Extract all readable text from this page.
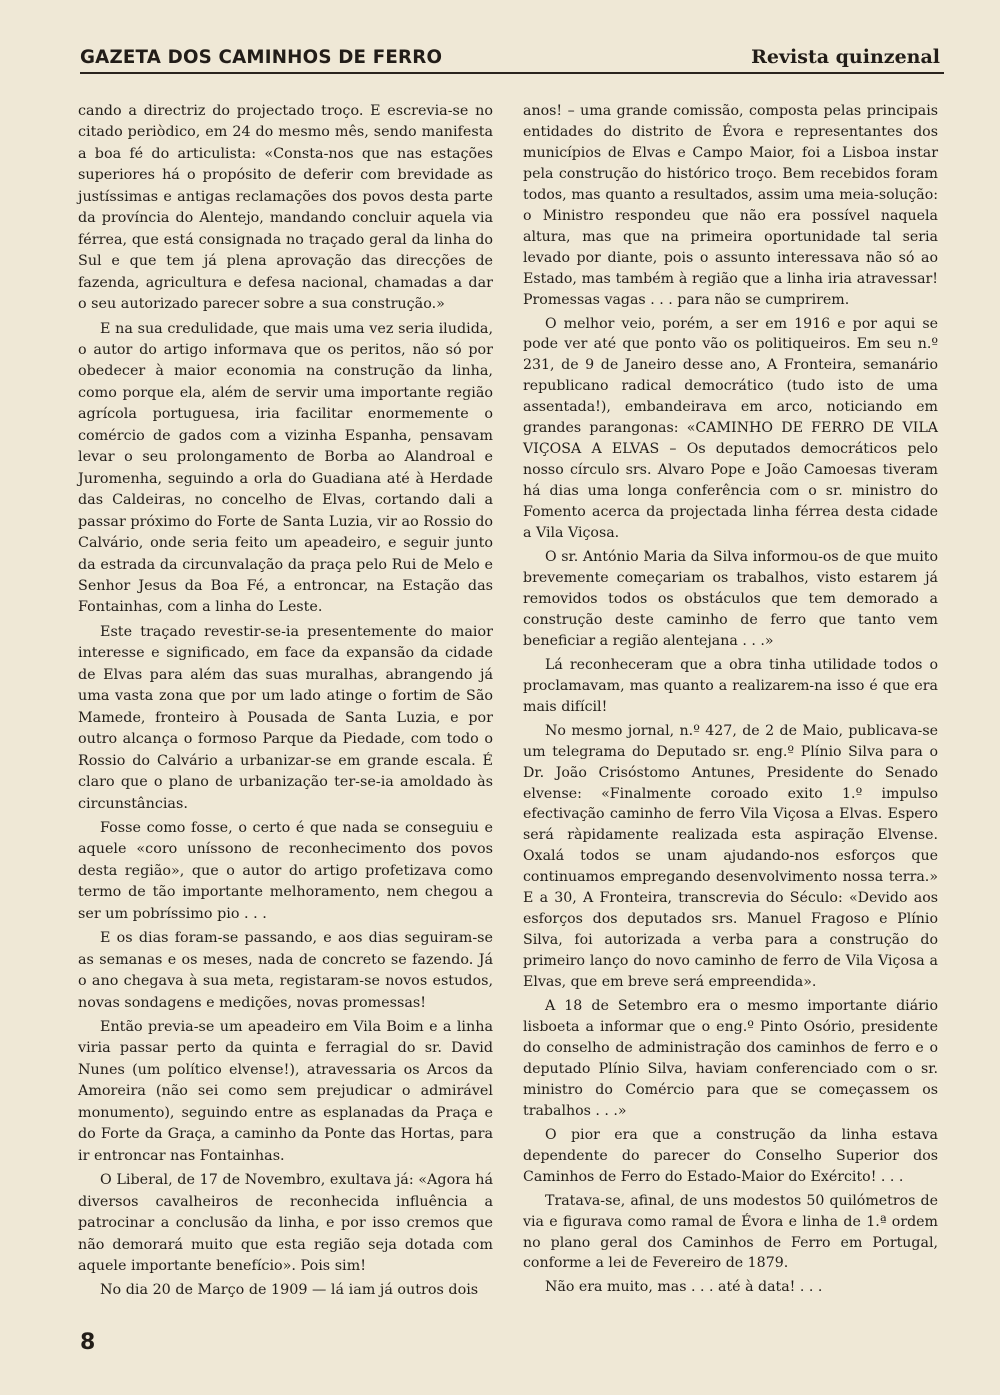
GAZETA DOS CAMINHOS DE FERRO	Revista quinzenal

cando a directriz do projectado troço. E escrevia-se no citado periòdico, em 24 do mesmo mês, sendo manifesta a boa fé do articulista: «Consta-nos que nas estações superiores há o propósito de deferir com brevidade as justíssimas e antigas reclamações dos povos desta parte da província do Alentejo, mandando concluir aquela via férrea, que está consignada no traçado geral da linha do Sul e que tem já plena aprovação das direcções de fazenda, agricultura e defesa nacional, chamadas a dar o seu autorizado parecer sobre a sua construção.»

E na sua credulidade, que mais uma vez seria iludida, o autor do artigo informava que os peritos, não só por obedecer à maior economia na construção da linha, como porque ela, além de servir uma importante região agrícola portuguesa, iria facilitar enormemente o comércio de gados com a vizinha Espanha, pensavam levar o seu prolongamento de Borba ao Alandroal e Juromenha, seguindo a orla do Guadiana até à Herdade das Caldeiras, no concelho de Elvas, cortando dali a passar próximo do Forte de Santa Luzia, vir ao Rossio do Calvário, onde seria feito um apeadeiro, e seguir junto da estrada da circunvalação da praça pelo Rui de Melo e Senhor Jesus da Boa Fé, a entroncar, na Estação das Fontainhas, com a linha do Leste.

Este traçado revestir-se-ia presentemente do maior interesse e significado, em face da expansão da cidade de Elvas para além das suas muralhas, abrangendo já uma vasta zona que por um lado atinge o fortim de São Mamede, fronteiro à Pousada de Santa Luzia, e por outro alcança o formoso Parque da Piedade, com todo o Rossio do Calvário a urbanizar-se em grande escala. É claro que o plano de urbanização ter-se-ia amoldado às circunstâncias.

Fosse como fosse, o certo é que nada se conseguiu e aquele «coro uníssono de reconhecimento dos povos desta região», que o autor do artigo profetizava como termo de tão importante melhoramento, nem chegou a ser um pobríssimo pio . . .

E os dias foram-se passando, e aos dias seguiram-se as semanas e os meses, nada de concreto se fazendo. Já o ano chegava à sua meta, registaram-se novos estudos, novas sondagens e medições, novas promessas!

Então previa-se um apeadeiro em Vila Boim e a linha viria passar perto da quinta e ferragial do sr. David Nunes (um político elvense!), atravessaria os Arcos da Amoreira (não sei como sem prejudicar o admirável monumento), seguindo entre as esplanadas da Praça e do Forte da Graça, a caminho da Ponte das Hortas, para ir entroncar nas Fontainhas.

O Liberal, de 17 de Novembro, exultava já: «Agora há diversos cavalheiros de reconhecida influência a patrocinar a conclusão da linha, e por isso cremos que não demorará muito que esta região seja dotada com aquele importante benefício». Pois sim!

No dia 20 de Março de 1909 — lá iam já outros dois

anos! – uma grande comissão, composta pelas principais entidades do distrito de Évora e representantes dos municípios de Elvas e Campo Maior, foi a Lisboa instar pela construção do histórico troço. Bem recebidos foram todos, mas quanto a resultados, assim uma meia-solução: o Ministro respondeu que não era possível naquela altura, mas que na primeira oportunidade tal seria levado por diante, pois o assunto interessava não só ao Estado, mas também à região que a linha iria atravessar! Promessas vagas . . . para não se cumprirem.

O melhor veio, porém, a ser em 1916 e por aqui se pode ver até que ponto vão os politiqueiros. Em seu n.º 231, de 9 de Janeiro desse ano, A Fronteira, semanário republicano radical democrático (tudo isto de uma assentada!), embandeirava em arco, noticiando em grandes parangonas: «CAMINHO DE FERRO DE VILA VIÇOSA A ELVAS – Os deputados democráticos pelo nosso círculo srs. Alvaro Pope e João Camoesas tiveram há dias uma longa conferência com o sr. ministro do Fomento acerca da projectada linha férrea desta cidade a Vila Viçosa.

O sr. António Maria da Silva informou-os de que muito brevemente começariam os trabalhos, visto estarem já removidos todos os obstáculos que tem demorado a construção deste caminho de ferro que tanto vem beneficiar a região alentejana . . .»

Lá reconheceram que a obra tinha utilidade todos o proclamavam, mas quanto a realizarem-na isso é que era mais difícil!

No mesmo jornal, n.º 427, de 2 de Maio, publicava-se um telegrama do Deputado sr. eng.º Plínio Silva para o Dr. João Crisóstomo Antunes, Presidente do Senado elvense: «Finalmente coroado exito 1.º impulso efectivação caminho de ferro Vila Viçosa a Elvas. Espero será ràpidamente realizada esta aspiração Elvense. Oxalá todos se unam ajudando-nos esforços que continuamos empregando desenvolvimento nossa terra.» E a 30, A Fronteira, transcrevia do Século: «Devido aos esforços dos deputados srs. Manuel Fragoso e Plínio Silva, foi autorizada a verba para a construção do primeiro lanço do novo caminho de ferro de Vila Viçosa a Elvas, que em breve será empreendida».

A 18 de Setembro era o mesmo importante diário lisboeta a informar que o eng.º Pinto Osório, presidente do conselho de administração dos caminhos de ferro e o deputado Plínio Silva, haviam conferenciado com o sr. ministro do Comércio para que se começassem os trabalhos . . .»

O pior era que a construção da linha estava dependente do parecer do Conselho Superior dos Caminhos de Ferro do Estado-Maior do Exército! . . .

Tratava-se, afinal, de uns modestos 50 quilómetros de via e figurava como ramal de Évora e linha de 1.ª ordem no plano geral dos Caminhos de Ferro em Portugal, conforme a lei de Fevereiro de 1879.

Não era muito, mas . . . até à data! . . .

8
